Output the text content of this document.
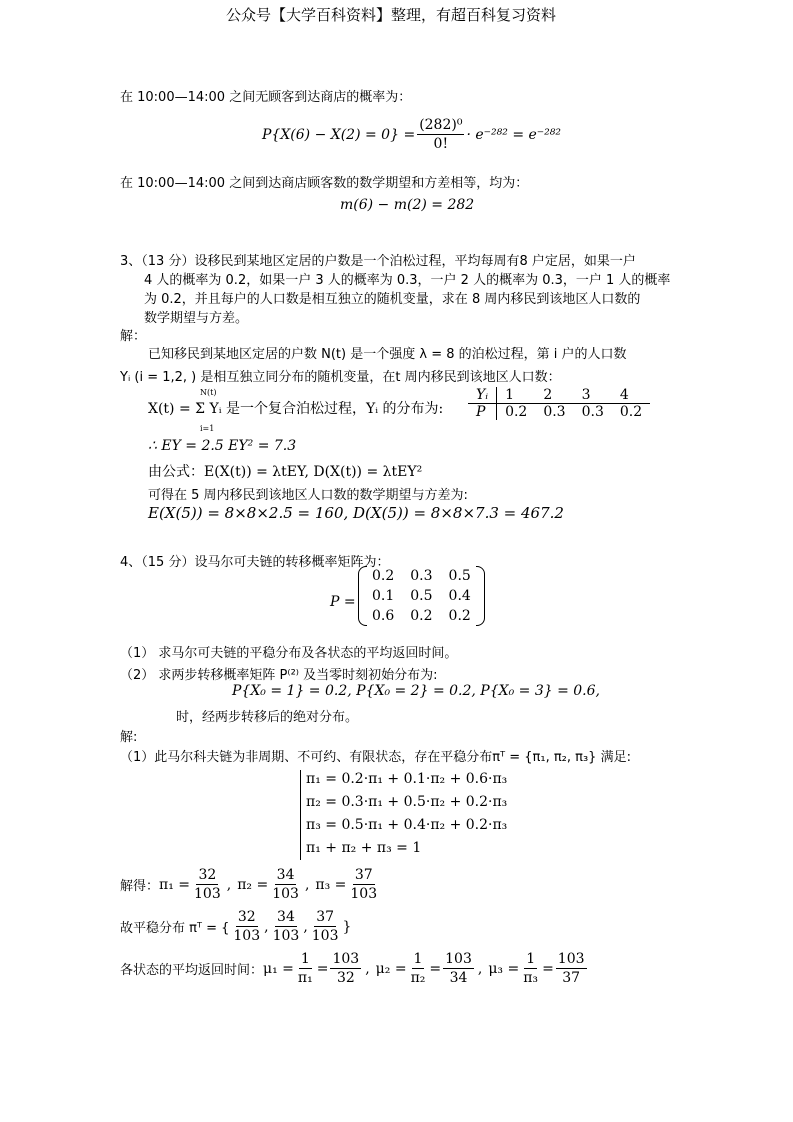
公众号【大学百科资料】整理，有超百科复习资料
在 10:00—14:00 之间无顾客到达商店的概率为：
$P\{X(6) - X(2) = 0\} = \frac{\text{(282)⁰}}{0!} \cdot e^{-282} = e^{-282}$
在 10:00—14:00 之间到达商店顾客数的数学期望和方差相等，均为：
m(6) − m(2) = 282
3、（13 分）设移民到某地区定居的户数是一个泊松过程，平均每周有8 户定居，如果一户
4 人的概率为 0.2，如果一户 3 人的概率为 0.3，一户 2 人的概率为 0.3，一户 1 人的概率
为 0.2，并且每户的人口数是相互独立的随机变量，求在 8 周内移民到该地区人口数的
数学期望与方差。
解：
已知移民到某地区定居的户数 N(t) 是一个强度 λ = 8 的泊松过程，第 i 户的人口数
Yᵢ (i = 1,2, ) 是相互独立同分布的随机变量，在t 周内移民到该地区人口数：
X(t) = Σ Yᵢ 是一个复合泊松过程，Yᵢ 的分布为:
N(t)
i=1
Yᵢ	1	2	3	4
P	0.2	0.3	0.3	0.2
∴ EY = 2.5 EY² = 7.3
由公式：E(X(t)) = λtEY, D(X(t)) = λtEY²
可得在 5 周内移民到该地区人口数的数学期望与方差为:
E(X(5)) = 8×8×2.5 = 160, D(X(5)) = 8×8×7.3 = 467.2
4、（15 分）设马尔可夫链的转移概率矩阵为：
P =
0.2	0.3	0.5
0.1	0.5	0.4
0.6	0.2	0.2
（1） 求马尔可夫链的平稳分布及各状态的平均返回时间。
（2） 求两步转移概率矩阵 P⁽²⁾ 及当零时刻初始分布为:
P{X₀ = 1} = 0.2, P{X₀ = 2} = 0.2, P{X₀ = 3} = 0.6,
时，经两步转移后的绝对分布。
解:
（1）此马尔科夫链为非周期、不可约、有限状态，存在平稳分布πᵀ = {π₁, π₂, π₃} 满足:
π₁ = 0.2·π₁ + 0.1·π₂ + 0.6·π₃
π₂ = 0.3·π₁ + 0.5·π₂ + 0.2·π₃
π₃ = 0.5·π₁ + 0.4·π₂ + 0.2·π₃
π₁ + π₂ + π₃ = 1
解得： $\pi_1 = \frac{32}{103}$ , $\pi_2 = \frac{34}{103}$ , $\pi_3 = \frac{37}{103}$
故平稳分布 πᵀ = { $\frac{32}{103}$ , $\frac{34}{103}$ , $\frac{37}{103}$ }
各状态的平均返回时间： $\mu_1 = \frac{1}{\text{π₁}} = \frac{103}{32}$ , $\mu_2 = \frac{1}{\text{π₂}} = \frac{103}{34}$ , $\mu_3 = \frac{1}{\text{π₃}} = \frac{103}{37}$
